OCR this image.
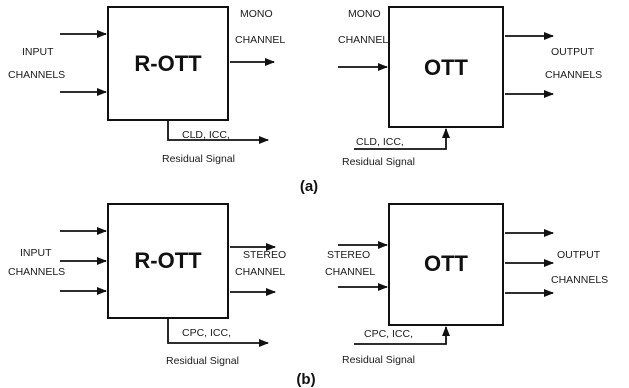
R-OTT
INPUT
CHANNELS
MONO
CHANNEL
CLD, ICC,
Residual Signal
OTT
MONO
CHANNEL
OUTPUT
CHANNELS
CLD, ICC,
Residual Signal
(a)
R-OTT
INPUT
CHANNELS
STEREO
CHANNEL
CPC, ICC,
Residual Signal
OTT
STEREO
CHANNEL
OUTPUT
CHANNELS
CPC, ICC,
Residual Signal
(b)
